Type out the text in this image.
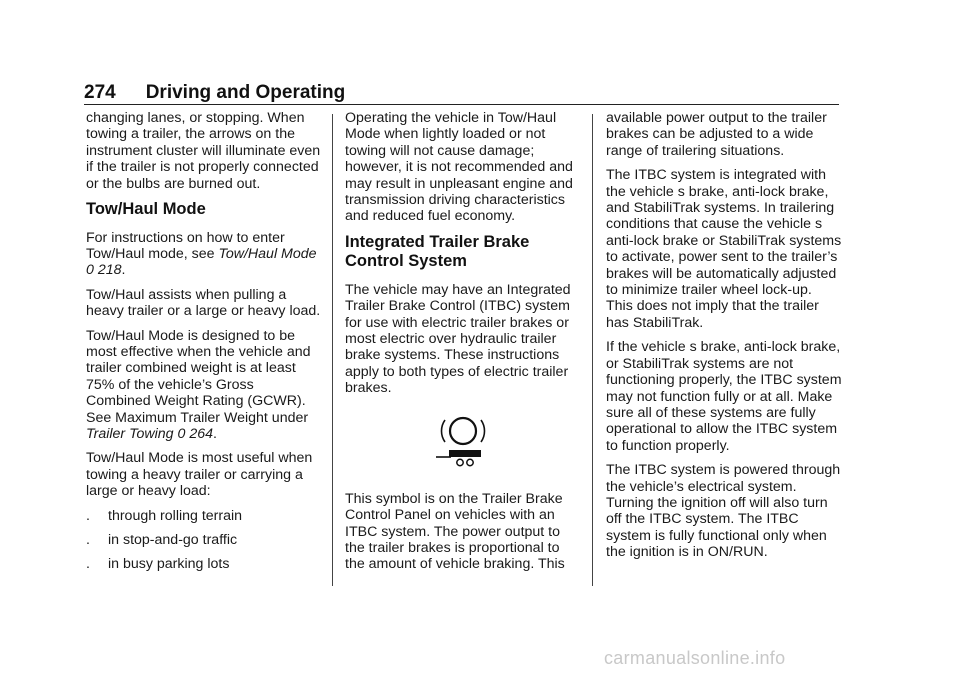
274 Driving and Operating

changing lanes, or stopping. When towing a trailer, the arrows on the instrument cluster will illuminate even if the trailer is not properly connected or the bulbs are burned out.

Tow/Haul Mode

For instructions on how to enter Tow/Haul mode, see Tow/Haul Mode 0 218.

Tow/Haul assists when pulling a heavy trailer or a large or heavy load.

Tow/Haul Mode is designed to be most effective when the vehicle and trailer combined weight is at least 75% of the vehicle’s Gross Combined Weight Rating (GCWR). See Maximum Trailer Weight under Trailer Towing 0 264.

Tow/Haul Mode is most useful when towing a heavy trailer or carrying a large or heavy load:

.	through rolling terrain
.	in stop-and-go traffic
.	in busy parking lots

Operating the vehicle in Tow/Haul Mode when lightly loaded or not towing will not cause damage; however, it is not recommended and may result in unpleasant engine and transmission driving characteristics and reduced fuel economy.

Integrated Trailer Brake Control System

The vehicle may have an Integrated Trailer Brake Control (ITBC) system for use with electric trailer brakes or most electric over hydraulic trailer brake systems. These instructions apply to both types of electric trailer brakes.

This symbol is on the Trailer Brake Control Panel on vehicles with an ITBC system. The power output to the trailer brakes is proportional to the amount of vehicle braking. This

available power output to the trailer brakes can be adjusted to a wide range of trailering situations.

The ITBC system is integrated with the vehicle s brake, anti-lock brake, and StabiliTrak systems. In trailering conditions that cause the vehicle s anti-lock brake or StabiliTrak systems to activate, power sent to the trailer’s brakes will be automatically adjusted to minimize trailer wheel lock-up. This does not imply that the trailer has StabiliTrak.

If the vehicle s brake, anti-lock brake, or StabiliTrak systems are not functioning properly, the ITBC system may not function fully or at all. Make sure all of these systems are fully operational to allow the ITBC system to function properly.

The ITBC system is powered through the vehicle’s electrical system. Turning the ignition off will also turn off the ITBC system. The ITBC system is fully functional only when the ignition is in ON/RUN.

carmanualsonline.info
